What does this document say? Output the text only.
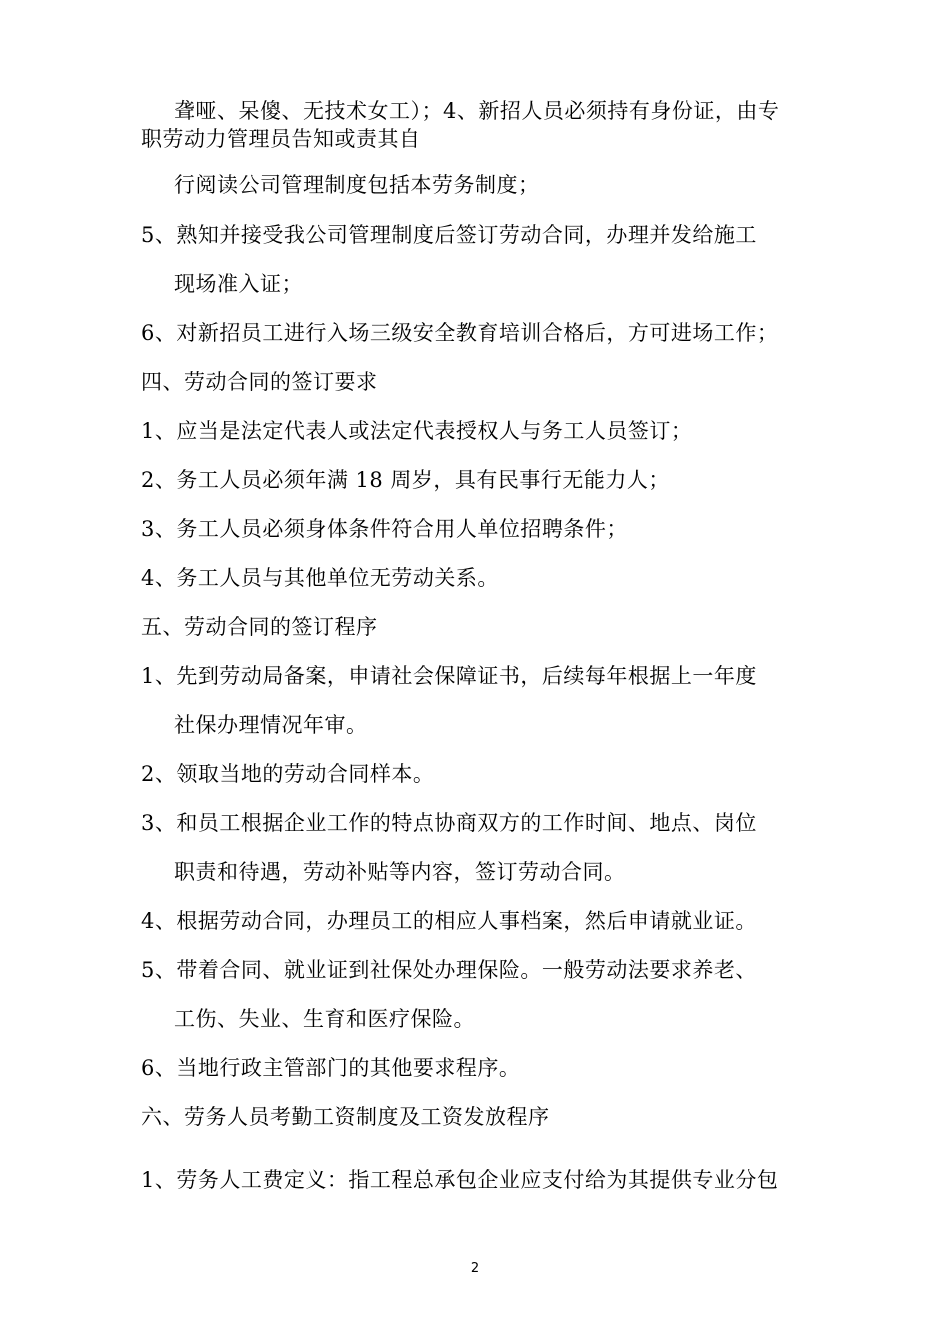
聋哑、呆傻、无技术女工）；4、新招人员必须持有身份证，由专
职劳动力管理员告知或责其自
行阅读公司管理制度包括本劳务制度；
5、熟知并接受我公司管理制度后签订劳动合同，办理并发给施工
现场准入证；
6、对新招员工进行入场三级安全教育培训合格后，方可进场工作；
四、劳动合同的签订要求
1、应当是法定代表人或法定代表授权人与务工人员签订；
2、务工人员必须年满 18 周岁，具有民事行无能力人；
3、务工人员必须身体条件符合用人单位招聘条件；
4、务工人员与其他单位无劳动关系。
五、劳动合同的签订程序
1、先到劳动局备案，申请社会保障证书，后续每年根据上一年度
社保办理情况年审。
2、领取当地的劳动合同样本。
3、和员工根据企业工作的特点协商双方的工作时间、地点、岗位
职责和待遇，劳动补贴等内容，签订劳动合同。
4、根据劳动合同，办理员工的相应人事档案，然后申请就业证。
5、带着合同、就业证到社保处办理保险。一般劳动法要求养老、
工伤、失业、生育和医疗保险。
6、当地行政主管部门的其他要求程序。
六、劳务人员考勤工资制度及工资发放程序
1、劳务人工费定义：指工程总承包企业应支付给为其提供专业分包
2
